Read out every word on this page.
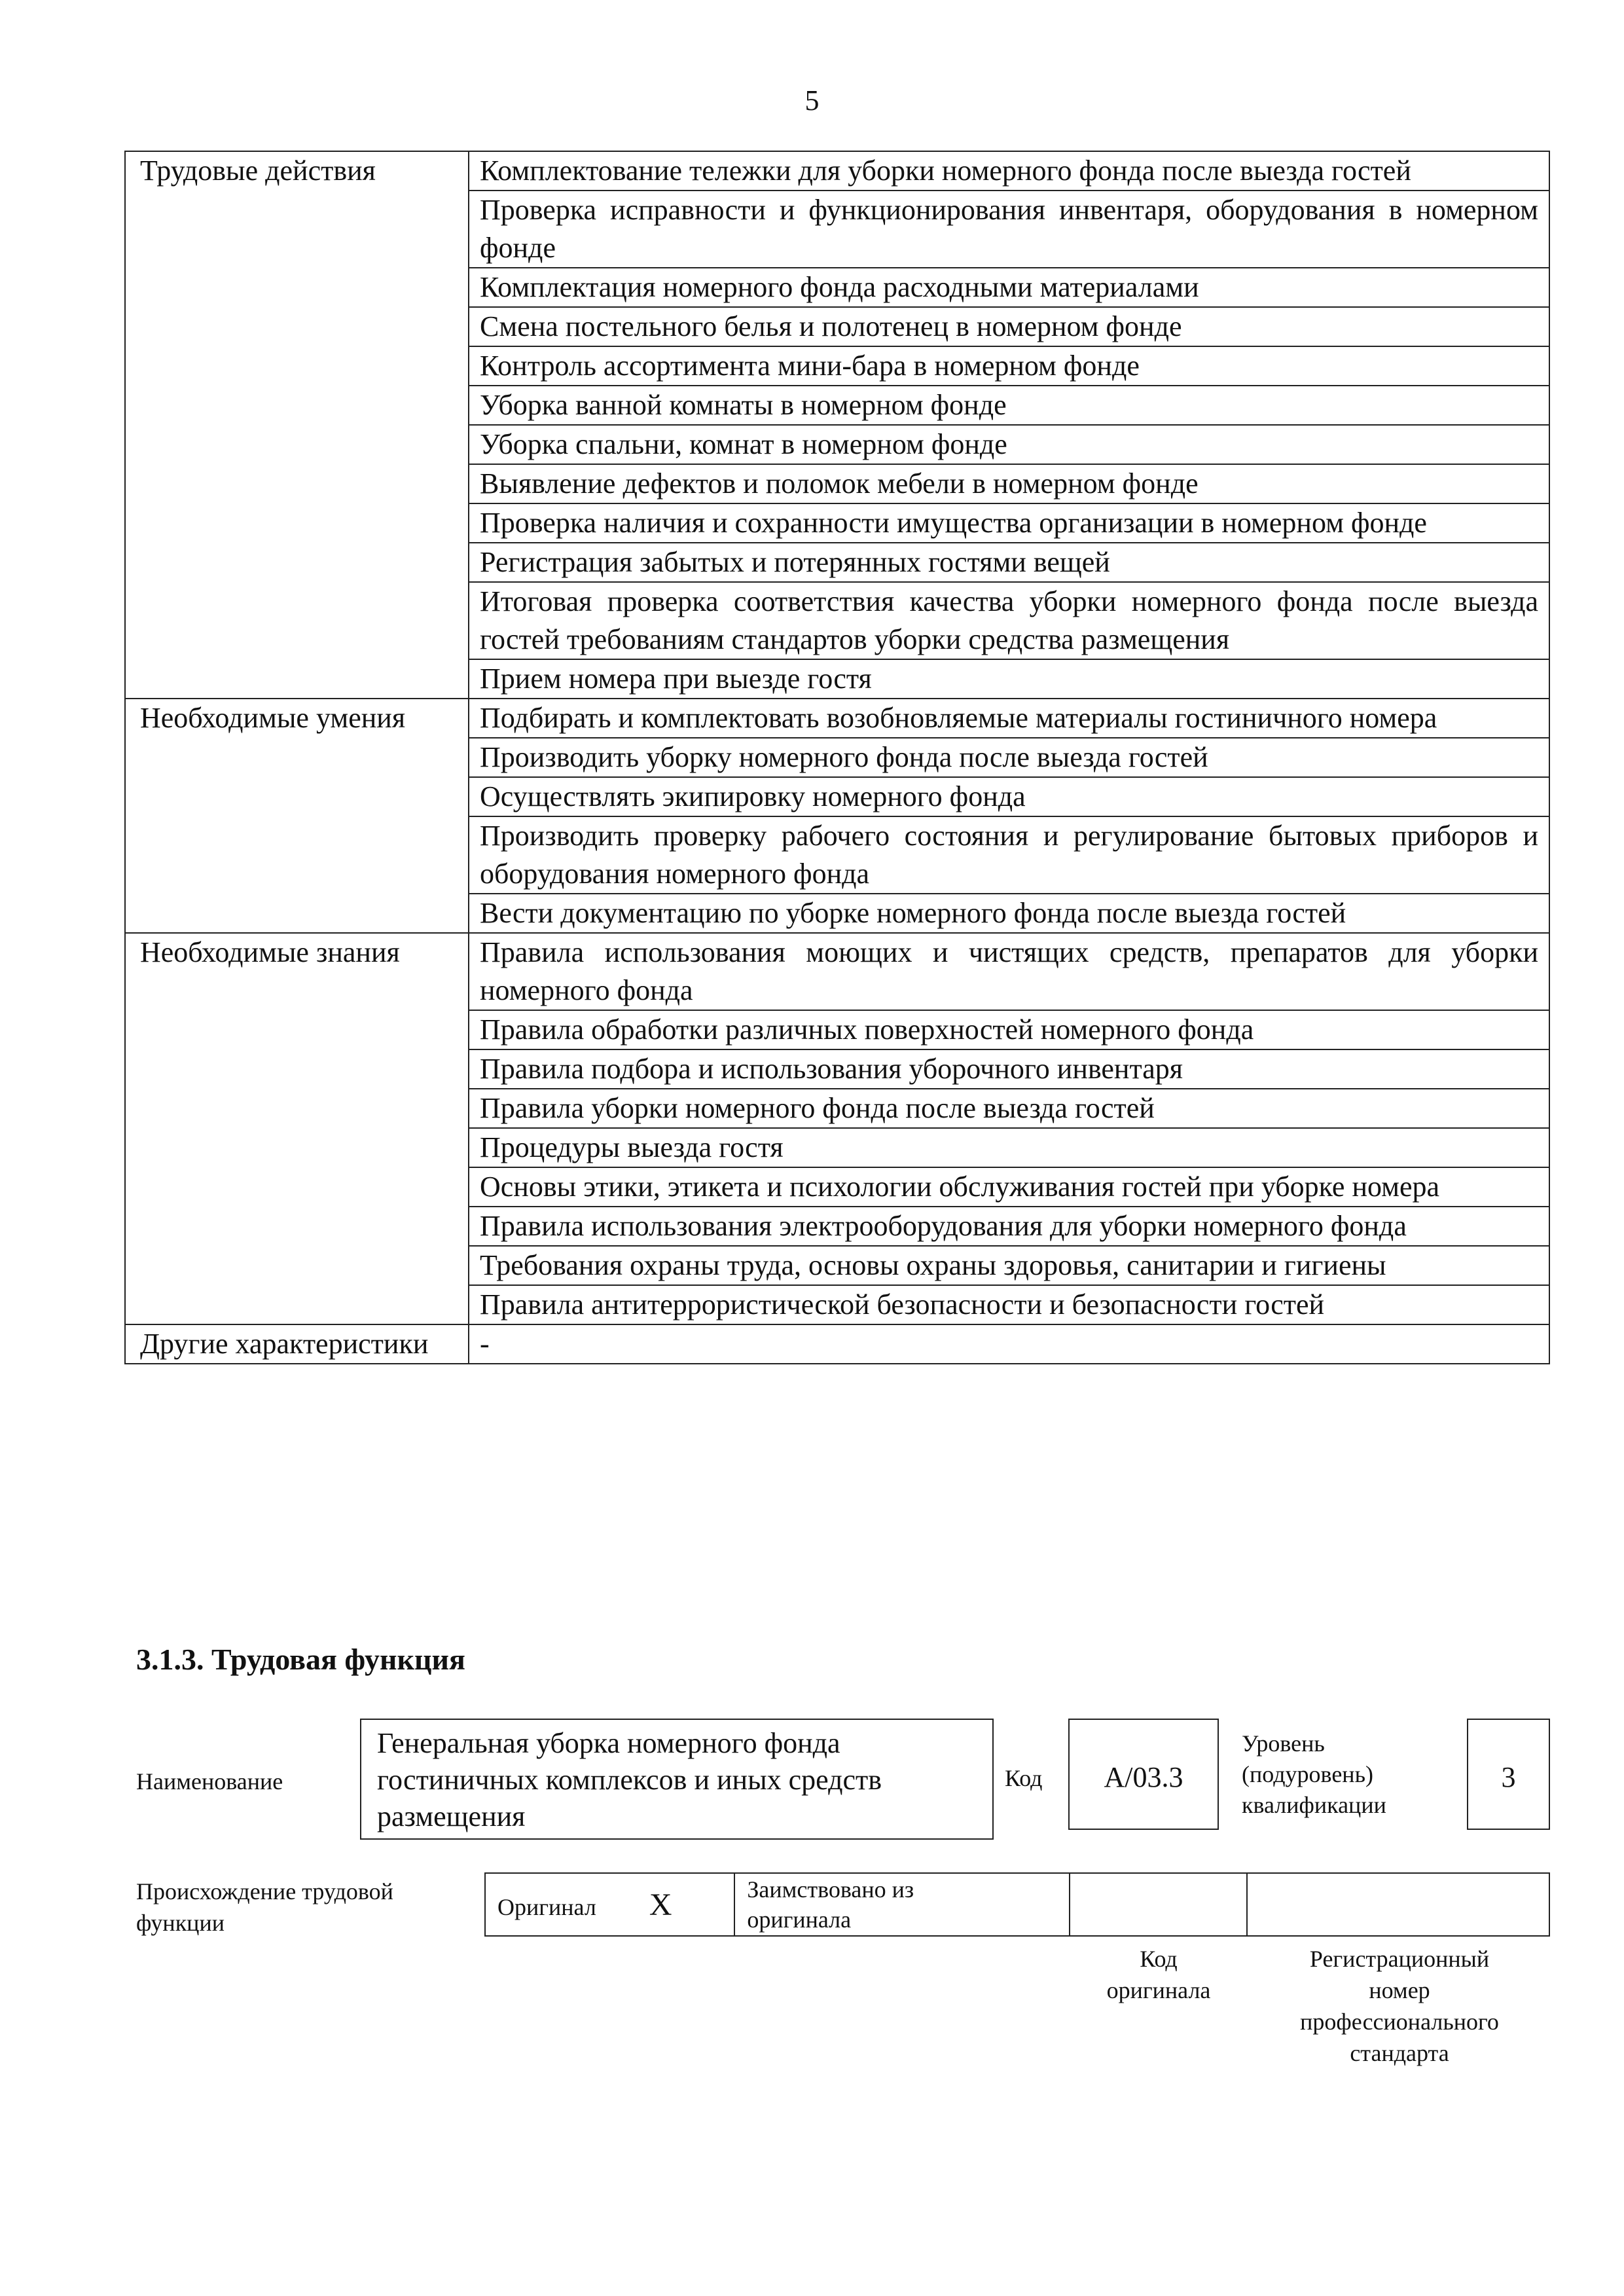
5
Трудовые действия	Комплектование тележки для уборки номерного фонда после выезда гостей
	Проверка исправности и функционирования инвентаря, оборудования в номерном фонде
	Комплектация номерного фонда расходными материалами
	Смена постельного белья и полотенец в номерном фонде
	Контроль ассортимента мини-бара в номерном фонде
	Уборка ванной комнаты в номерном фонде
	Уборка спальни, комнат в номерном фонде
	Выявление дефектов и поломок мебели в номерном фонде
	Проверка наличия и сохранности имущества организации в номерном фонде
	Регистрация забытых и потерянных гостями вещей
	Итоговая проверка соответствия качества уборки номерного фонда после выезда гостей требованиям стандартов уборки средства размещения
	Прием номера при выезде гостя
Необходимые умения	Подбирать и комплектовать возобновляемые материалы гостиничного номера
	Производить уборку номерного фонда после выезда гостей
	Осуществлять экипировку номерного фонда
	Производить проверку рабочего состояния и регулирование бытовых приборов и оборудования номерного фонда
	Вести документацию по уборке номерного фонда после выезда гостей
Необходимые знания	Правила использования моющих и чистящих средств, препаратов для уборки номерного фонда
	Правила обработки различных поверхностей номерного фонда
	Правила подбора и использования уборочного инвентаря
	Правила уборки номерного фонда после выезда гостей
	Процедуры выезда гостя
	Основы этики, этикета и психологии обслуживания гостей при уборке номера
	Правила использования электрооборудования для уборки номерного фонда
	Требования охраны труда, основы охраны здоровья, санитарии и гигиены
	Правила антитеррористической безопасности и безопасности гостей
Другие характеристики	-
3.1.3. Трудовая функция
Наименование
Генеральная уборка номерного фонда гостиничных комплексов и иных средств размещения
Код	А/03.3
Уровень
(подуровень)
квалификации
3
Происхождение трудовой
функции
Оригинал X	Заимствовано из
оригинала

Код
оригинала
Регистрационный
номер
профессионального
стандарта
